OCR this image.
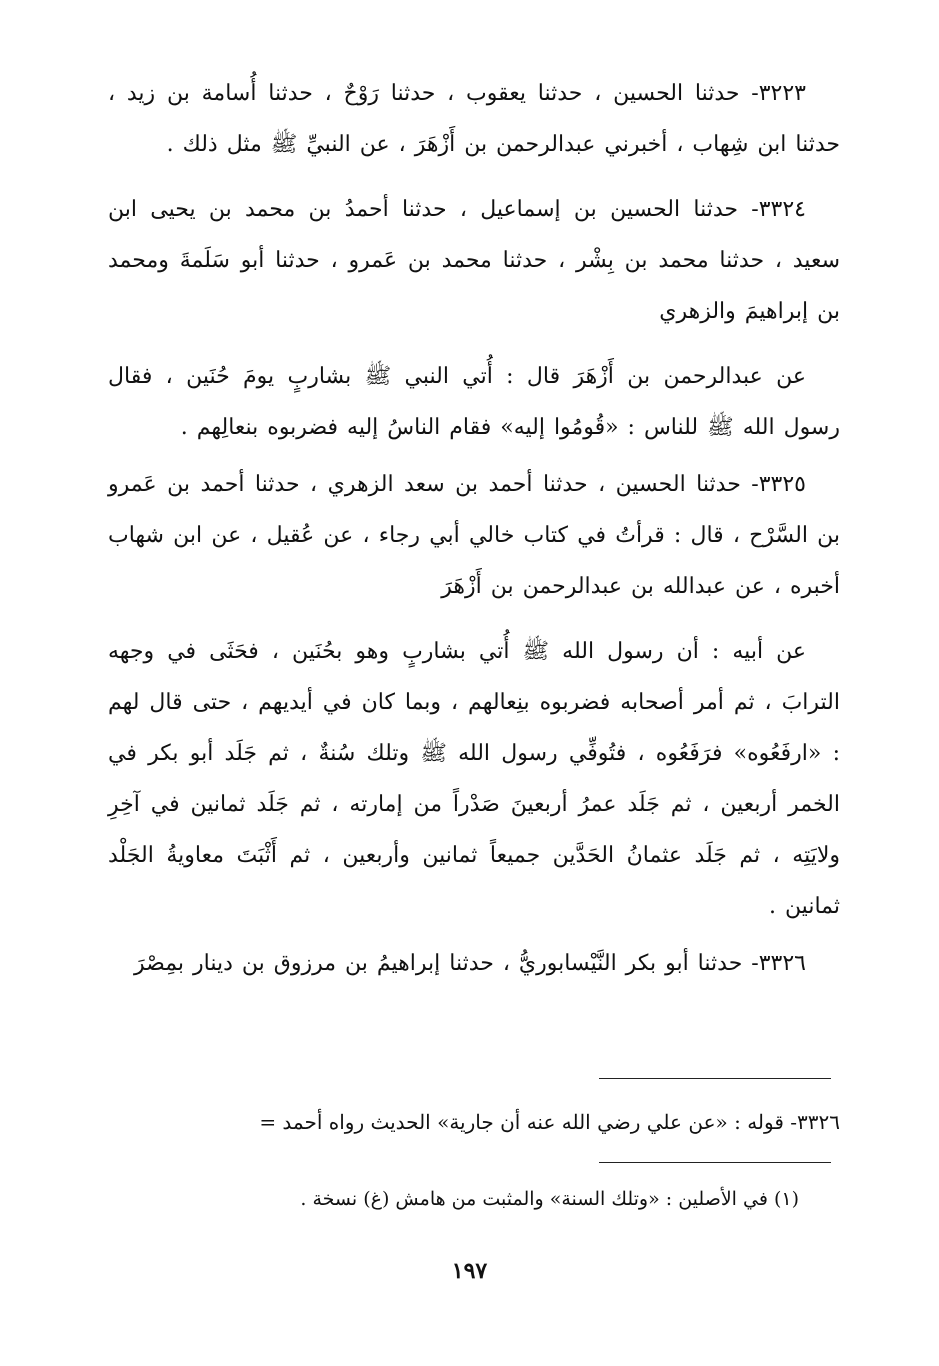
٣٢٢٣- حدثنا الحسين ، حدثنا يعقوب ، حدثنا رَوْحٌ ، حدثنا أُسامة بن زيد ، حدثنا ابن شِهاب ، أخبرني عبدالرحمن بن أَزْهَرَ ، عن النبيِّ ﷺ مثل ذلك .

٣٣٢٤- حدثنا الحسين بن إسماعيل ، حدثنا أحمدُ بن محمد بن يحيى ابن سعيد ، حدثنا محمد بن بِشْر ، حدثنا محمد بن عَمرو ، حدثنا أبو سَلَمةَ ومحمد بن إبراهيمَ والزهري

عن عبدالرحمن بن أَزْهَرَ قال : أُتي النبي ﷺ بشاربٍ يومَ حُنَين ، فقال رسول الله ﷺ للناس : «قُومُوا إليه» فقام الناسُ إليه فضربوه بنعالِهم .

٣٣٢٥- حدثنا الحسين ، حدثنا أحمد بن سعد الزهري ، حدثنا أحمد بن عَمرو بن السَّرْح ، قال : قرأتُ في كتاب خالي أبي رجاء ، عن عُقيل ، عن ابن شهاب أخبره ، عن عبدالله بن عبدالرحمن بن أَزْهَرَ

عن أبيه : أن رسول الله ﷺ أُتي بشاربٍ وهو بحُنَين ، فحَثَى في وجهه الترابَ ، ثم أمر أصحابه فضربوه بنِعالهم ، وبما كان في أيديهم ، حتى قال لهم : «ارفَعُوه» فرَفَعُوه ، فتُوفِّي رسول الله ﷺ وتلك سُنةٌ ، ثم جَلَد أبو بكر في الخمر أربعين ، ثم جَلَد عمرُ أربعينَ صَدْراً من إمارته ، ثم جَلَد ثمانين في آخِرِ ولايَتِه ، ثم جَلَد عثمانُ الحَدَّين جميعاً ثمانين وأربعين ، ثم أَثْبَتَ معاويةُ الجَلْد ثمانين .

٣٣٢٦- حدثنا أبو بكر النَّيْسابوريُّ ، حدثنا إبراهيمُ بن مرزوق بن دينار بمِصْرَ

٣٣٢٦- قوله : «عن علي رضي الله عنه أن جارية» الحديث رواه أحمد =
(١) في الأصلين : «وتلك السنة» والمثبت من هامش (غ) نسخة .
١٩٧
